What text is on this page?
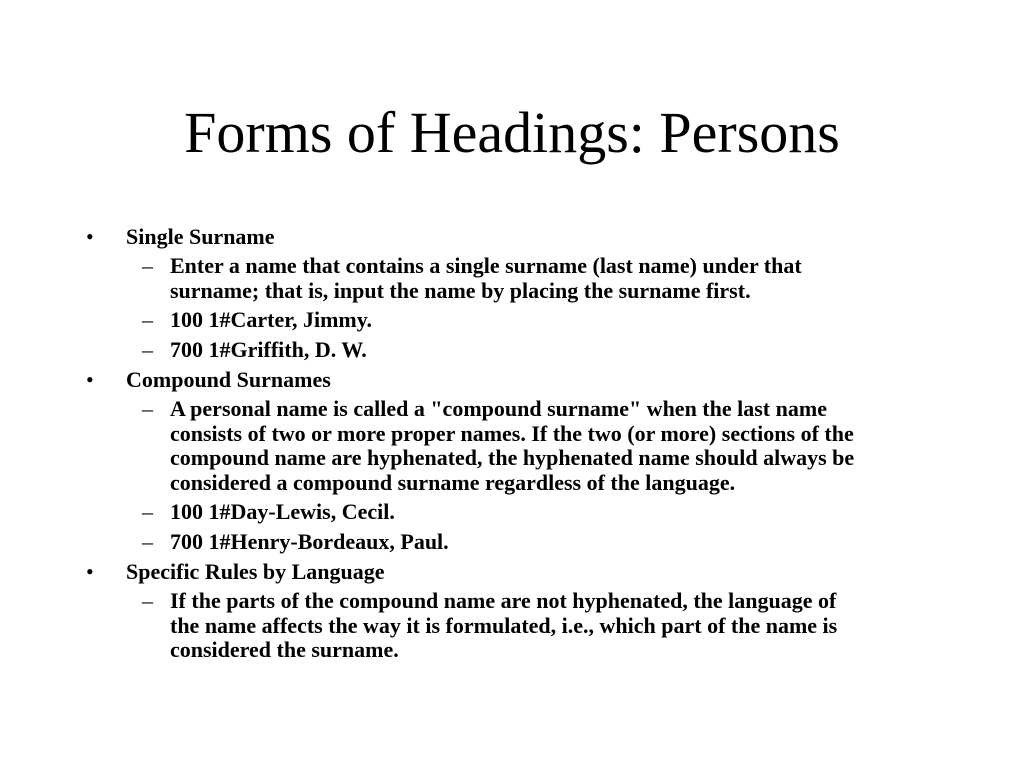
Forms of Headings: Persons
•	Single Surname
– Enter a name that contains a single surname (last name) under that surname; that is, input the name by placing the surname first.
– 100 1#Carter, Jimmy.
– 700 1#Griffith, D. W.
•	Compound Surnames
– A personal name is called a "compound surname" when the last name consists of two or more proper names. If the two (or more) sections of the compound name are hyphenated, the hyphenated name should always be considered a compound surname regardless of the language.
– 100 1#Day-Lewis, Cecil.
– 700 1#Henry-Bordeaux, Paul.
•	Specific Rules by Language
– If the parts of the compound name are not hyphenated, the language of the name affects the way it is formulated, i.e., which part of the name is considered the surname.
